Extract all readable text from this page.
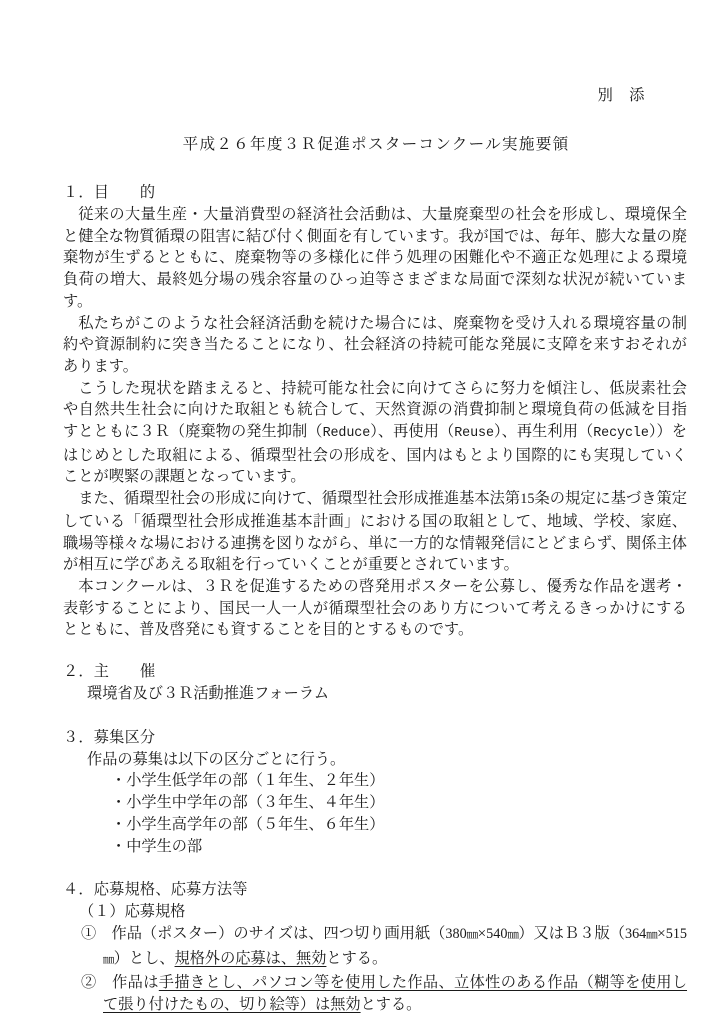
別　添
平成２６年度３Ｒ促進ポスターコンクール実施要領
１．目　　的
従来の大量生産・大量消費型の経済社会活動は、大量廃棄型の社会を形成し、環境保全と健全な物質循環の阻害に結び付く側面を有しています。我が国では、毎年、膨大な量の廃棄物が生ずるとともに、廃棄物等の多様化に伴う処理の困難化や不適正な処理による環境負荷の増大、最終処分場の残余容量のひっ迫等さまざまな局面で深刻な状況が続いています。
私たちがこのような社会経済活動を続けた場合には、廃棄物を受け入れる環境容量の制約や資源制約に突き当たることになり、社会経済の持続可能な発展に支障を来すおそれがあります。
こうした現状を踏まえると、持続可能な社会に向けてさらに努力を傾注し、低炭素社会や自然共生社会に向けた取組とも統合して、天然資源の消費抑制と環境負荷の低減を目指すとともに３Ｒ（廃棄物の発生抑制（Reduce）、再使用（Reuse）、再生利用（Recycle））をはじめとした取組による、循環型社会の形成を、国内はもとより国際的にも実現していくことが喫緊の課題となっています。
また、循環型社会の形成に向けて、循環型社会形成推進基本法第15条の規定に基づき策定している「循環型社会形成推進基本計画」における国の取組として、地域、学校、家庭、職場等様々な場における連携を図りながら、単に一方的な情報発信にとどまらず、関係主体が相互に学びあえる取組を行っていくことが重要とされています。
本コンクールは、３Ｒを促進するための啓発用ポスターを公募し、優秀な作品を選考・表彰することにより、国民一人一人が循環型社会のあり方について考えるきっかけにするとともに、普及啓発にも資することを目的とするものです。
２．主　　催
環境省及び３Ｒ活動推進フォーラム
３．募集区分
作品の募集は以下の区分ごとに行う。
・小学生低学年の部（１年生、２年生）
・小学生中学年の部（３年生、４年生）
・小学生高学年の部（５年生、６年生）
・中学生の部
４．応募規格、応募方法等
（１）応募規格
①　作品（ポスター）のサイズは、四つ切り画用紙（380㎜×540㎜）又はＢ３版（364㎜×515　㎜）とし、規格外の応募は、無効とする。
②　作品は手描きとし、パソコン等を使用した作品、立体性のある作品（糊等を使用して張り付けたもの、切り絵等）は無効とする。
